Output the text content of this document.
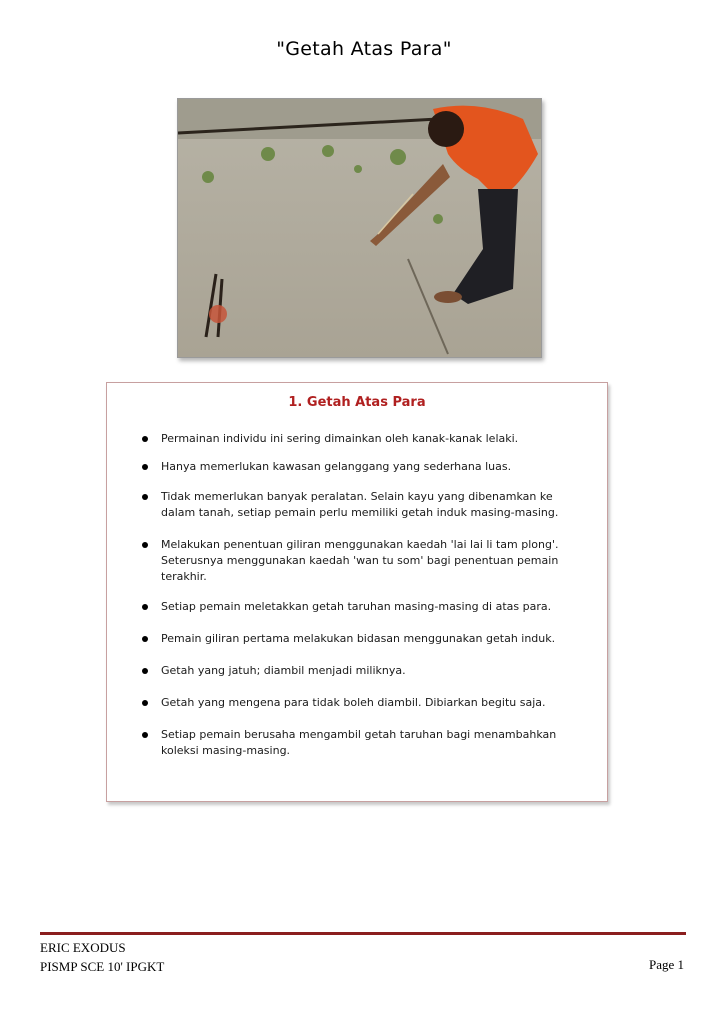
"Getah Atas Para"
1. Getah Atas Para
Permainan individu ini sering dimainkan oleh kanak-kanak lelaki.
Hanya memerlukan kawasan gelanggang yang sederhana luas.
Tidak memerlukan banyak peralatan. Selain kayu yang dibenamkan ke dalam tanah, setiap pemain perlu memiliki getah induk masing-masing.
Melakukan penentuan giliran menggunakan kaedah 'lai lai li tam plong'. Seterusnya menggunakan kaedah 'wan tu som' bagi penentuan pemain terakhir.
Setiap pemain meletakkan getah taruhan masing-masing di atas para.
Pemain giliran pertama melakukan bidasan menggunakan getah induk.
Getah yang jatuh; diambil menjadi miliknya.
Getah yang mengena para tidak boleh diambil. Dibiarkan begitu saja.
Setiap pemain berusaha mengambil getah taruhan bagi menambahkan koleksi masing-masing.
ERIC EXODUS
PISMP SCE 10' IPGKT	Page 1
